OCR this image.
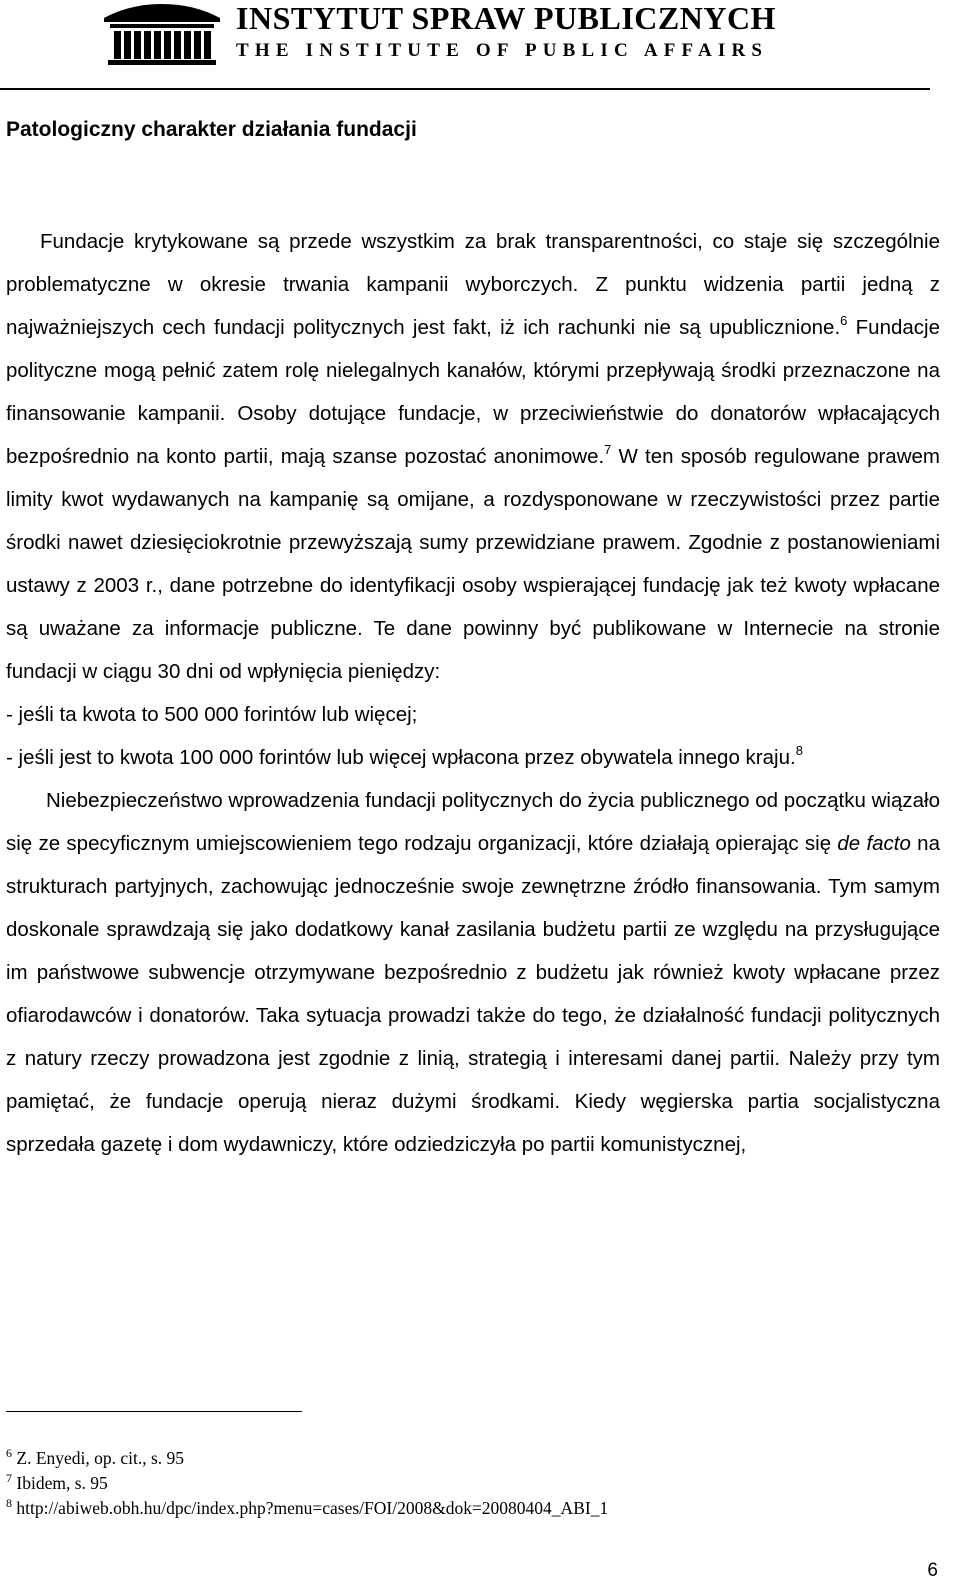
INSTYTUT SPRAW PUBLICZNYCH
THE INSTITUTE OF PUBLIC AFFAIRS
Patologiczny charakter działania fundacji

Fundacje krytykowane są przede wszystkim za brak transparentności, co staje się szczególnie problematyczne w okresie trwania kampanii wyborczych. Z punktu widzenia partii jedną z najważniejszych cech fundacji politycznych jest fakt, iż ich rachunki nie są upublicznione.$^6$ Fundacje polityczne mogą pełnić zatem rolę nielegalnych kanałów, którymi przepływają środki przeznaczone na finansowanie kampanii. Osoby dotujące fundacje, w przeciwieństwie do donatorów wpłacających bezpośrednio na konto partii, mają szanse pozostać anonimowe.$^7$ W ten sposób regulowane prawem limity kwot wydawanych na kampanię są omijane, a rozdysponowane w rzeczywistości przez partie środki nawet dziesięciokrotnie przewyższają sumy przewidziane prawem. Zgodnie z postanowieniami ustawy z 2003 r., dane potrzebne do identyfikacji osoby wspierającej fundację jak też kwoty wpłacane są uważane za informacje publiczne. Te dane powinny być publikowane w Internecie na stronie fundacji w ciągu 30 dni od wpłynięcia pieniędzy:

- jeśli ta kwota to 500 000 forintów lub więcej;

- jeśli jest to kwota 100 000 forintów lub więcej wpłacona przez obywatela innego kraju.$^8$

Niebezpieczeństwo wprowadzenia fundacji politycznych do życia publicznego od początku wiązało się ze specyficznym umiejscowieniem tego rodzaju organizacji, które działają opierając się de facto na strukturach partyjnych, zachowując jednocześnie swoje zewnętrzne źródło finansowania. Tym samym doskonale sprawdzają się jako dodatkowy kanał zasilania budżetu partii ze względu na przysługujące im państwowe subwencje otrzymywane bezpośrednio z budżetu jak również kwoty wpłacane przez ofiarodawców i donatorów. Taka sytuacja prowadzi także do tego, że działalność fundacji politycznych z natury rzeczy prowadzona jest zgodnie z linią, strategią i interesami danej partii. Należy przy tym pamiętać, że fundacje operują nieraz dużymi środkami. Kiedy węgierska partia socjalistyczna sprzedała gazetę i dom wydawniczy, które odziedziczyła po partii komunistycznej,

$^6$ Z. Enyedi, op. cit., s. 95
$^7$ Ibidem, s. 95
$^8$ http://abiweb.obh.hu/dpc/index.php?menu=cases/FOI/2008&dok=20080404_ABI_1
6
